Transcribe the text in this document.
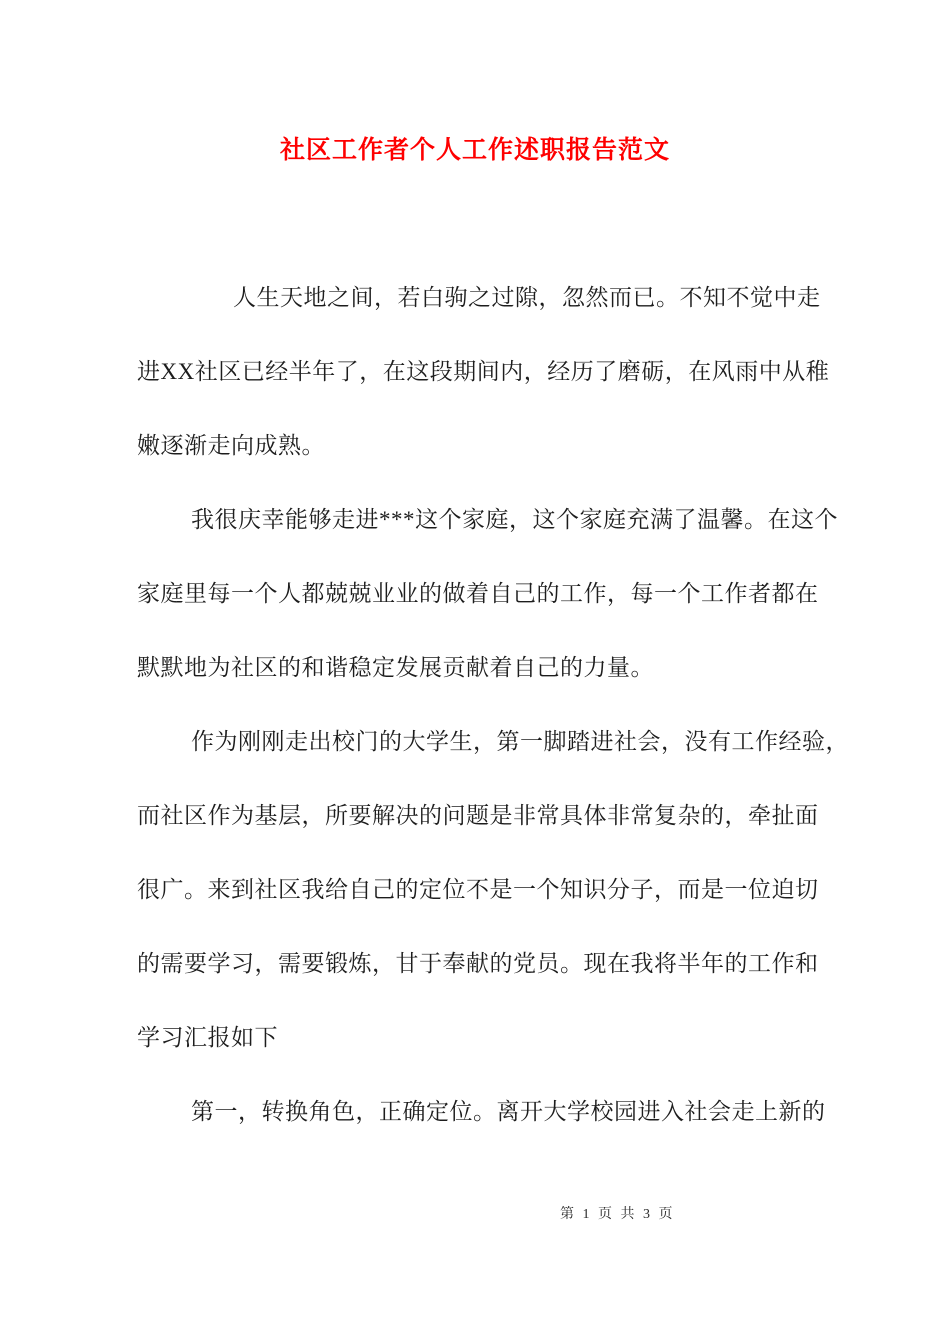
社区工作者个人工作述职报告范文
人生天地之间，若白驹之过隙，忽然而已。不知不觉中走
进XX社区已经半年了，在这段期间内，经历了磨砺，在风雨中从稚
嫩逐渐走向成熟。
我很庆幸能够走进***这个家庭，这个家庭充满了温馨。在这个
家庭里每一个人都兢兢业业的做着自己的工作，每一个工作者都在
默默地为社区的和谐稳定发展贡献着自己的力量。
作为刚刚走出校门的大学生，第一脚踏进社会，没有工作经验，
而社区作为基层，所要解决的问题是非常具体非常复杂的，牵扯面
很广。来到社区我给自己的定位不是一个知识分子，而是一位迫切
的需要学习，需要锻炼，甘于奉献的党员。现在我将半年的工作和
学习汇报如下
第一，转换角色，正确定位。离开大学校园进入社会走上新的
第 1 页 共 3 页
